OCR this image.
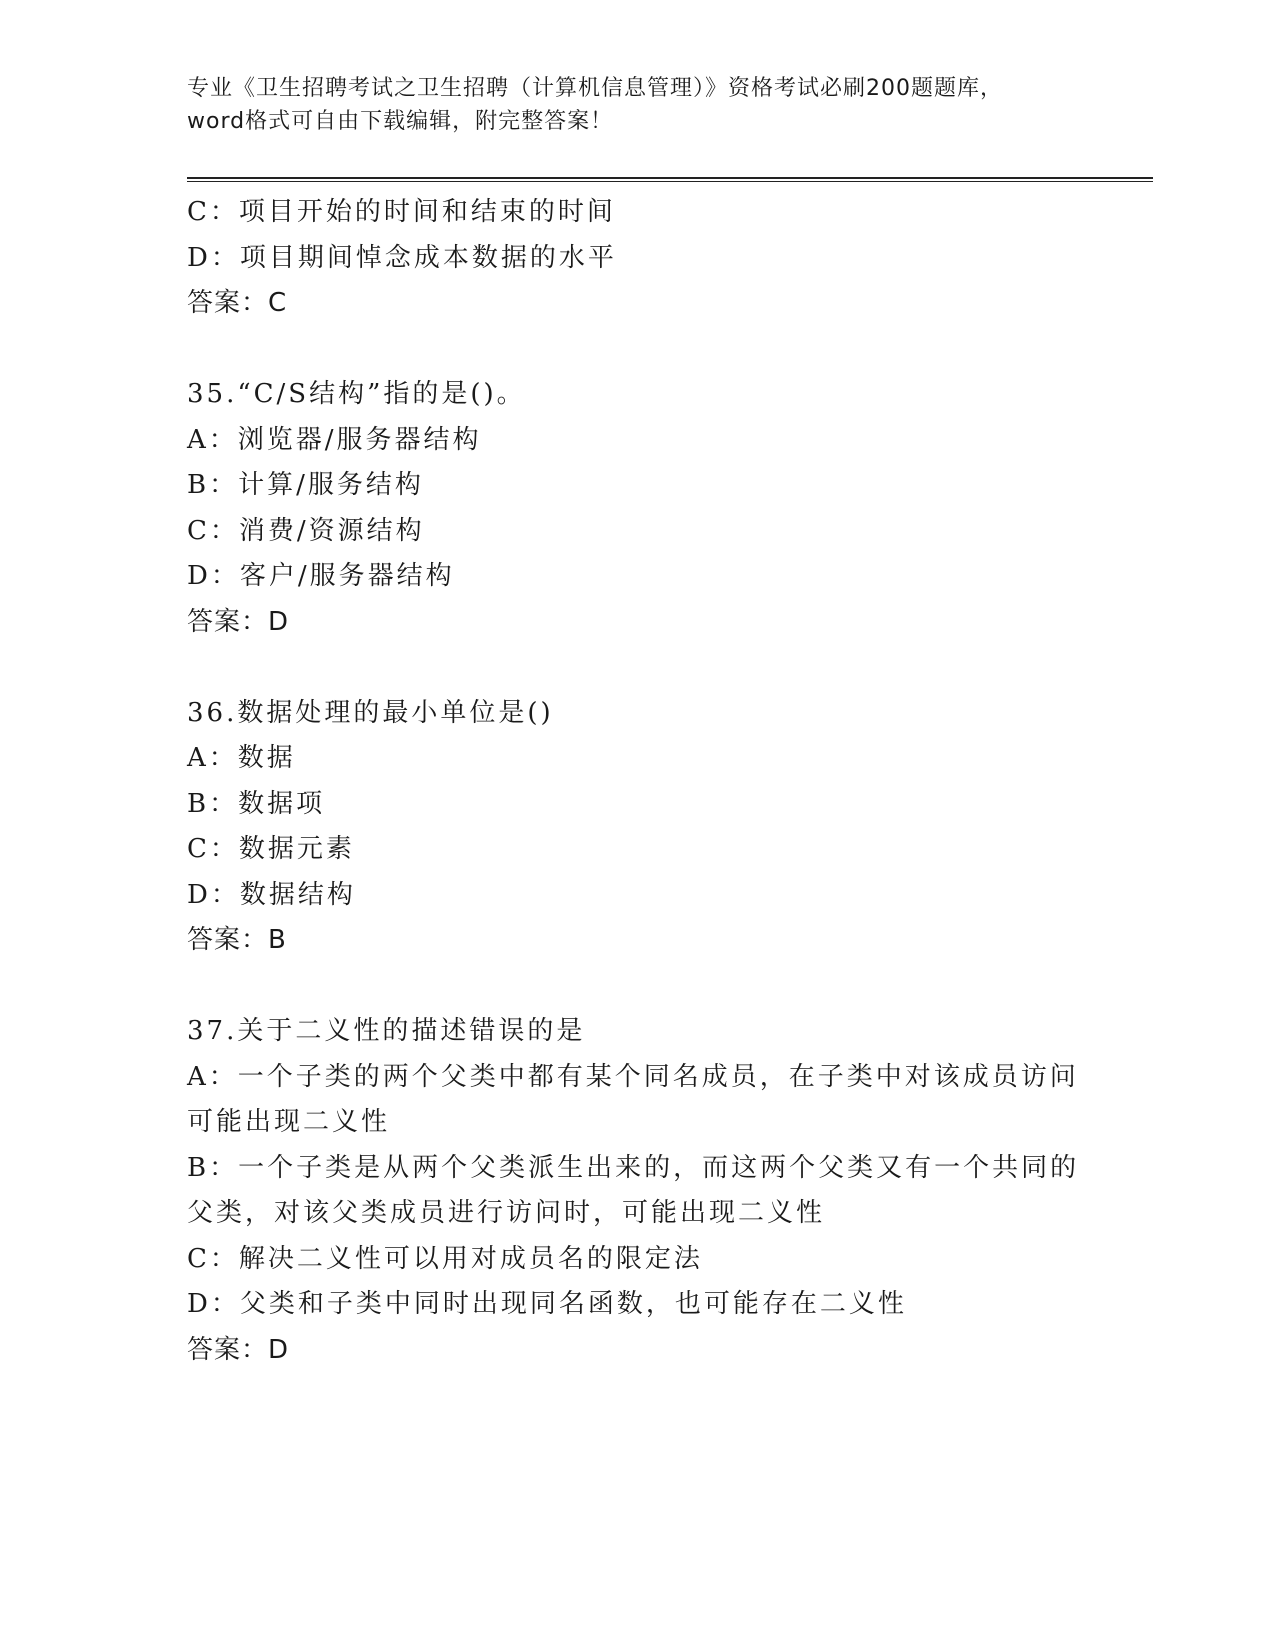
专业《卫生招聘考试之卫生招聘（计算机信息管理）》资格考试必刷200题题库，
word格式可自由下载编辑，附完整答案！
C：项目开始的时间和结束的时间
D：项目期间悼念成本数据的水平
答案：C
35.“C/S结构”指的是()。
A：浏览器/服务器结构
B：计算/服务结构
C：消费/资源结构
D：客户/服务器结构
答案：D
36.数据处理的最小单位是()
A：数据
B：数据项
C：数据元素
D：数据结构
答案：B
37.关于二义性的描述错误的是
A：一个子类的两个父类中都有某个同名成员，在子类中对该成员访问可能出现二义性
B：一个子类是从两个父类派生出来的，而这两个父类又有一个共同的父类，对该父类成员进行访问时，可能出现二义性
C：解决二义性可以用对成员名的限定法
D：父类和子类中同时出现同名函数，也可能存在二义性
答案：D
